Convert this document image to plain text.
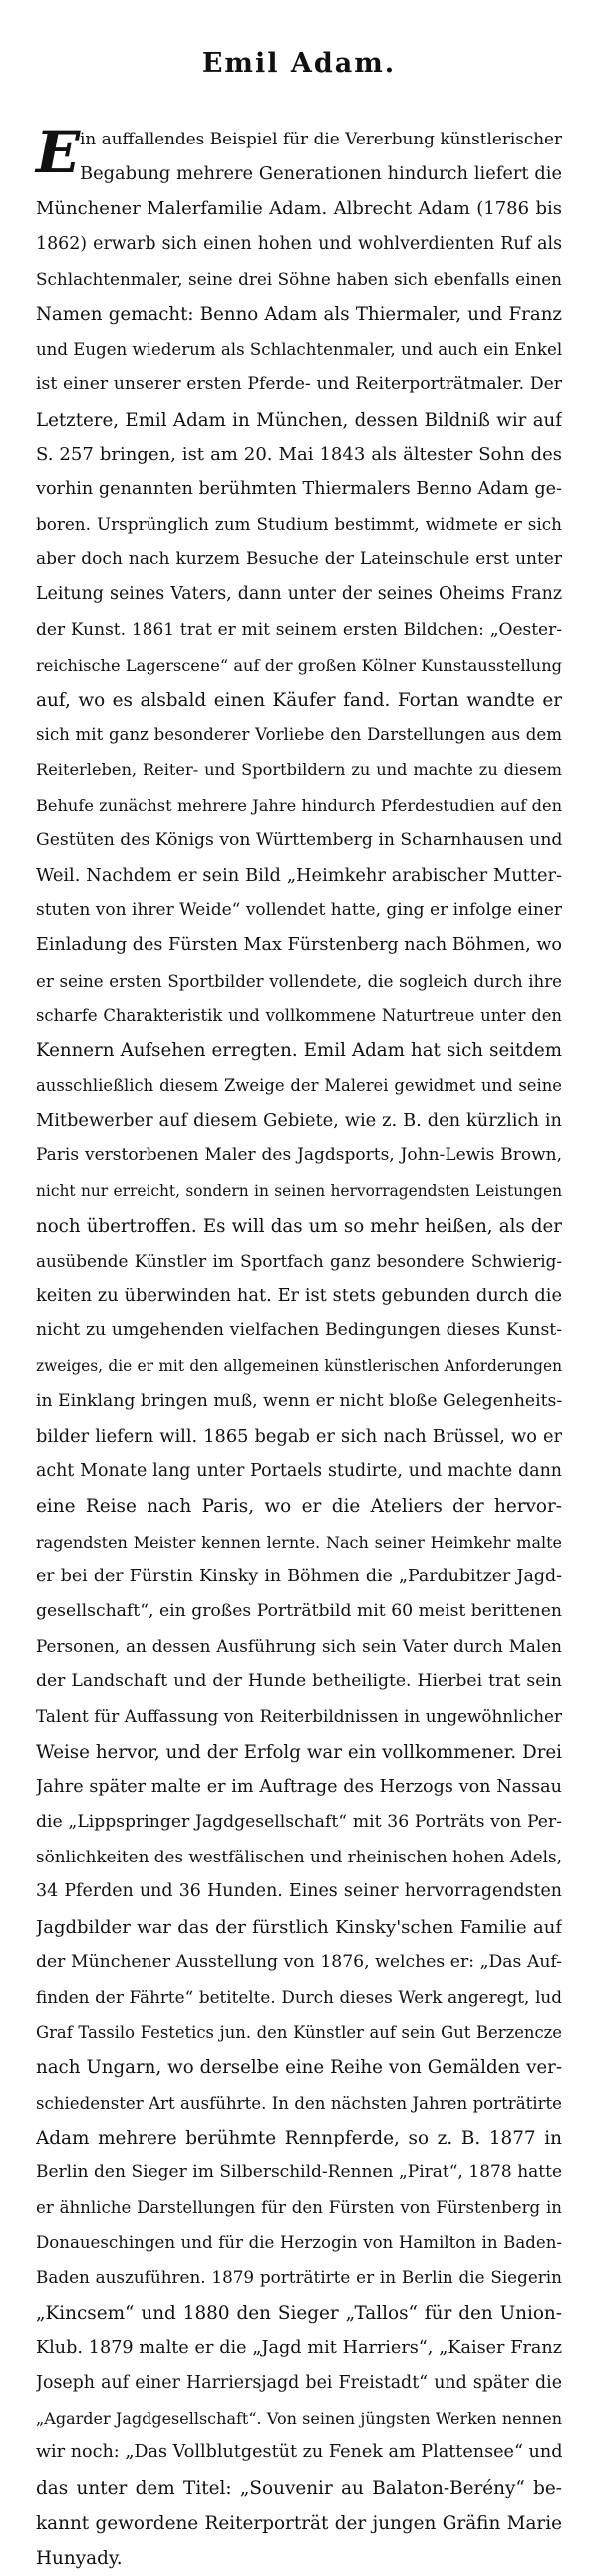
Emil Adam.
E in auffallendes Beispiel für die Vererbung künstlerischer
Begabung mehrere Generationen hindurch liefert die
Münchener Malerfamilie Adam. Albrecht Adam (1786 bis
1862) erwarb sich einen hohen und wohlverdienten Ruf als
Schlachtenmaler, seine drei Söhne haben sich ebenfalls einen
Namen gemacht: Benno Adam als Thiermaler, und Franz
und Eugen wiederum als Schlachtenmaler, und auch ein Enkel
ist einer unserer ersten Pferde- und Reiterporträtmaler. Der
Letztere, Emil Adam in München, dessen Bildniß wir auf
S. 257 bringen, ist am 20. Mai 1843 als ältester Sohn des
vorhin genannten berühmten Thiermalers Benno Adam ge-
boren. Ursprünglich zum Studium bestimmt, widmete er sich
aber doch nach kurzem Besuche der Lateinschule erst unter
Leitung seines Vaters, dann unter der seines Oheims Franz
der Kunst. 1861 trat er mit seinem ersten Bildchen: „Oester-
reichische Lagerscene“ auf der großen Kölner Kunstausstellung
auf, wo es alsbald einen Käufer fand. Fortan wandte er
sich mit ganz besonderer Vorliebe den Darstellungen aus dem
Reiterleben, Reiter- und Sportbildern zu und machte zu diesem
Behufe zunächst mehrere Jahre hindurch Pferdestudien auf den
Gestüten des Königs von Württemberg in Scharnhausen und
Weil. Nachdem er sein Bild „Heimkehr arabischer Mutter-
stuten von ihrer Weide“ vollendet hatte, ging er infolge einer
Einladung des Fürsten Max Fürstenberg nach Böhmen, wo
er seine ersten Sportbilder vollendete, die sogleich durch ihre
scharfe Charakteristik und vollkommene Naturtreue unter den
Kennern Aufsehen erregten. Emil Adam hat sich seitdem
ausschließlich diesem Zweige der Malerei gewidmet und seine
Mitbewerber auf diesem Gebiete, wie z. B. den kürzlich in
Paris verstorbenen Maler des Jagdsports, John-Lewis Brown,
nicht nur erreicht, sondern in seinen hervorragendsten Leistungen
noch übertroffen. Es will das um so mehr heißen, als der
ausübende Künstler im Sportfach ganz besondere Schwierig-
keiten zu überwinden hat. Er ist stets gebunden durch die
nicht zu umgehenden vielfachen Bedingungen dieses Kunst-
zweiges, die er mit den allgemeinen künstlerischen Anforderungen
in Einklang bringen muß, wenn er nicht bloße Gelegenheits-
bilder liefern will. 1865 begab er sich nach Brüssel, wo er
acht Monate lang unter Portaels studirte, und machte dann
eine Reise nach Paris, wo er die Ateliers der hervor-
ragendsten Meister kennen lernte. Nach seiner Heimkehr malte
er bei der Fürstin Kinsky in Böhmen die „Pardubitzer Jagd-
gesellschaft“, ein großes Porträtbild mit 60 meist berittenen
Personen, an dessen Ausführung sich sein Vater durch Malen
der Landschaft und der Hunde betheiligte. Hierbei trat sein
Talent für Auffassung von Reiterbildnissen in ungewöhnlicher
Weise hervor, und der Erfolg war ein vollkommener. Drei
Jahre später malte er im Auftrage des Herzogs von Nassau
die „Lippspringer Jagdgesellschaft“ mit 36 Porträts von Per-
sönlichkeiten des westfälischen und rheinischen hohen Adels,
34 Pferden und 36 Hunden. Eines seiner hervorragendsten
Jagdbilder war das der fürstlich Kinsky'schen Familie auf
der Münchener Ausstellung von 1876, welches er: „Das Auf-
finden der Fährte“ betitelte. Durch dieses Werk angeregt, lud
Graf Tassilo Festetics jun. den Künstler auf sein Gut Berzencze
nach Ungarn, wo derselbe eine Reihe von Gemälden ver-
schiedenster Art ausführte. In den nächsten Jahren porträtirte
Adam mehrere berühmte Rennpferde, so z. B. 1877 in
Berlin den Sieger im Silberschild-Rennen „Pirat“, 1878 hatte
er ähnliche Darstellungen für den Fürsten von Fürstenberg in
Donaueschingen und für die Herzogin von Hamilton in Baden-
Baden auszuführen. 1879 porträtirte er in Berlin die Siegerin
„Kincsem“ und 1880 den Sieger „Tallos“ für den Union-
Klub. 1879 malte er die „Jagd mit Harriers“, „Kaiser Franz
Joseph auf einer Harriersjagd bei Freistadt“ und später die
„Agarder Jagdgesellschaft“. Von seinen jüngsten Werken nennen
wir noch: „Das Vollblutgestüt zu Fenek am Plattensee“ und
das unter dem Titel: „Souvenir au Balaton-Berény“ be-
kannt gewordene Reiterporträt der jungen Gräfin Marie
Hunyady.
